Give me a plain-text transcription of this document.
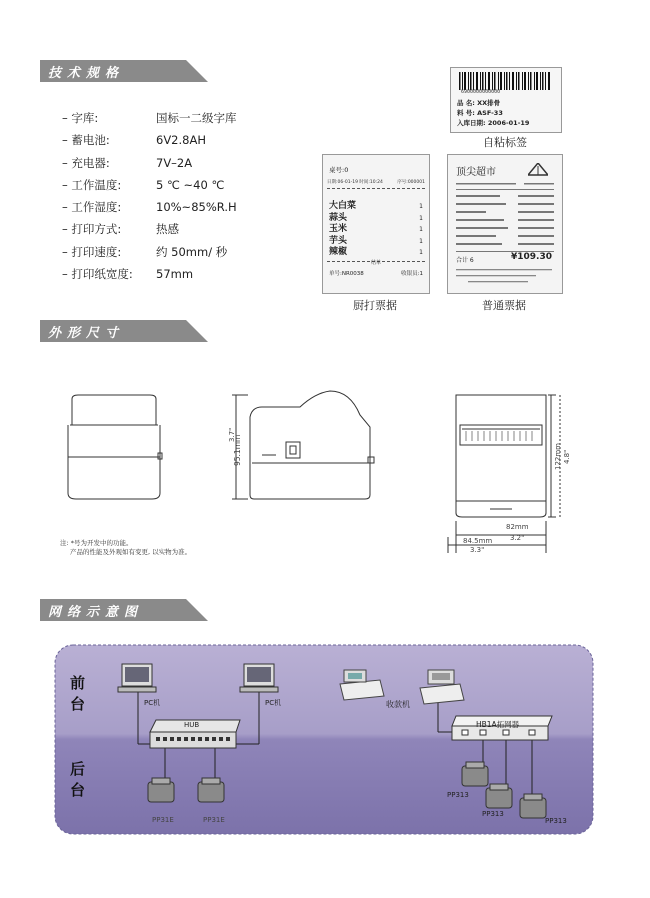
技术规格
外形尺寸
网络示意图
– 字库:	国标一二级字库
– 蓄电池:	6V2.8AH
– 充电器:	7V–2A
– 工作温度:	5 ℃ ~40 ℃
– 工作湿度:	10%~85%R.H
– 打印方式:	热感
– 打印速度:	约 50mm/ 秒
– 打印纸宽度: 57mm
6900000000000
品 名: XX排骨
料 号: ASF-33
入库日期: 2006-01-19
自粘标签
桌号:0
日期:06-01-19 时间:10:24	序号:000001
大白菜	1
蒜头	1
玉米	1
芋头	1
辣椒	1
结单
单号:NR0038	收银员:1
厨打票据
顶尖超市
合计 6	¥109.30
普通票据
3.7"
95.1mm	122mm 4.8"
82mm
3.2"
84.5mm
3.3"
注: *号为开发中的功能。
产品的性能及外观如有变更, 以实物为准。
前
台
后
台
PC机	PC机
HUB
收款机
HB1A拓网器
PP31E	PP31E
PP313
PP313
PP313
